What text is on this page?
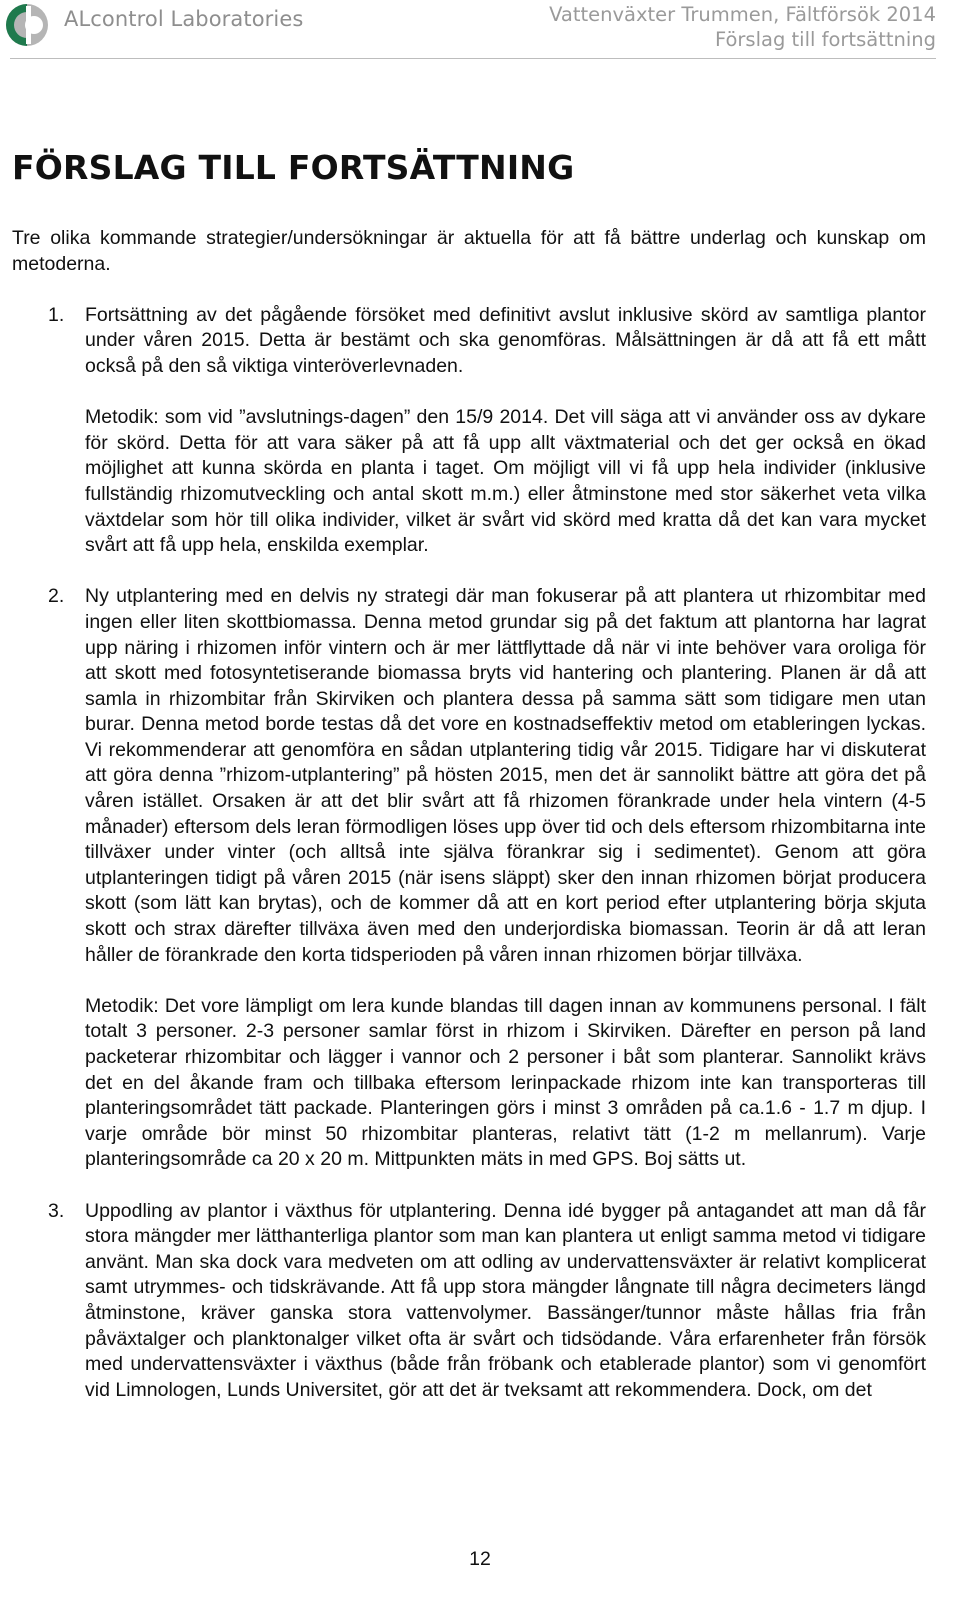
ALcontrol Laboratories	Vattenväxter Trummen, Fältförsök 2014
Förslag till fortsättning
FÖRSLAG TILL FORTSÄTTNING

Tre olika kommande strategier/undersökningar är aktuella för att få bättre underlag och kunskap om metoderna.

1. Fortsättning av det pågående försöket med definitivt avslut inklusive skörd av samtliga plantor under våren 2015. Detta är bestämt och ska genomföras. Målsättningen är då att få ett mått också på den så viktiga vinteröverlevnaden.

Metodik: som vid ”avslutnings-dagen” den 15/9 2014. Det vill säga att vi använder oss av dykare för skörd. Detta för att vara säker på att få upp allt växtmaterial och det ger också en ökad möjlighet att kunna skörda en planta i taget. Om möjligt vill vi få upp hela individer (inklusive fullständig rhizomutveckling och antal skott m.m.) eller åtminstone med stor säkerhet veta vilka växtdelar som hör till olika individer, vilket är svårt vid skörd med kratta då det kan vara mycket svårt att få upp hela, enskilda exemplar.

2. Ny utplantering med en delvis ny strategi där man fokuserar på att plantera ut rhizombitar med ingen eller liten skottbiomassa. Denna metod grundar sig på det faktum att plantorna har lagrat upp näring i rhizomen inför vintern och är mer lättflyttade då när vi inte behöver vara oroliga för att skott med fotosyntetiserande biomassa bryts vid hantering och plantering. Planen är då att samla in rhizombitar från Skirviken och plantera dessa på samma sätt som tidigare men utan burar. Denna metod borde testas då det vore en kostnadseffektiv metod om etableringen lyckas. Vi rekommenderar att genomföra en sådan utplantering tidig vår 2015. Tidigare har vi diskuterat att göra denna ”rhizom-utplantering” på hösten 2015, men det är sannolikt bättre att göra det på våren istället. Orsaken är att det blir svårt att få rhizomen förankrade under hela vintern (4-5 månader) eftersom dels leran förmodligen löses upp över tid och dels eftersom rhizombitarna inte tillväxer under vinter (och alltså inte själva förankrar sig i sedimentet). Genom att göra utplanteringen tidigt på våren 2015 (när isens släppt) sker den innan rhizomen börjat producera skott (som lätt kan brytas), och de kommer då att en kort period efter utplantering börja skjuta skott och strax därefter tillväxa även med den underjordiska biomassan. Teorin är då att leran håller de förankrade den korta tidsperioden på våren innan rhizomen börjar tillväxa.

Metodik: Det vore lämpligt om lera kunde blandas till dagen innan av kommunens personal. I fält totalt 3 personer. 2-3 personer samlar först in rhizom i Skirviken. Därefter en person på land packeterar rhizombitar och lägger i vannor och 2 personer i båt som planterar. Sannolikt krävs det en del åkande fram och tillbaka eftersom lerinpackade rhizom inte kan transporteras till planteringsområdet tätt packade. Planteringen görs i minst 3 områden på ca.1.6 - 1.7 m djup. I varje område bör minst 50 rhizombitar planteras, relativt tätt (1-2 m mellanrum). Varje planteringsområde ca 20 x 20 m. Mittpunkten mäts in med GPS. Boj sätts ut.

3. Uppodling av plantor i växthus för utplantering. Denna idé bygger på antagandet att man då får stora mängder mer lätthanterliga plantor som man kan plantera ut enligt samma metod vi tidigare använt. Man ska dock vara medveten om att odling av undervattensväxter är relativt komplicerat samt utrymmes- och tidskrävande. Att få upp stora mängder långnate till några decimeters längd åtminstone, kräver ganska stora vattenvolymer. Bassänger/tunnor måste hållas fria från påväxtalger och planktonalger vilket ofta är svårt och tidsödande. Våra erfarenheter från försök med undervattensväxter i växthus (både från fröbank och etablerade plantor) som vi genomfört vid Limnologen, Lunds Universitet, gör att det är tveksamt att rekommendera. Dock, om det

12
